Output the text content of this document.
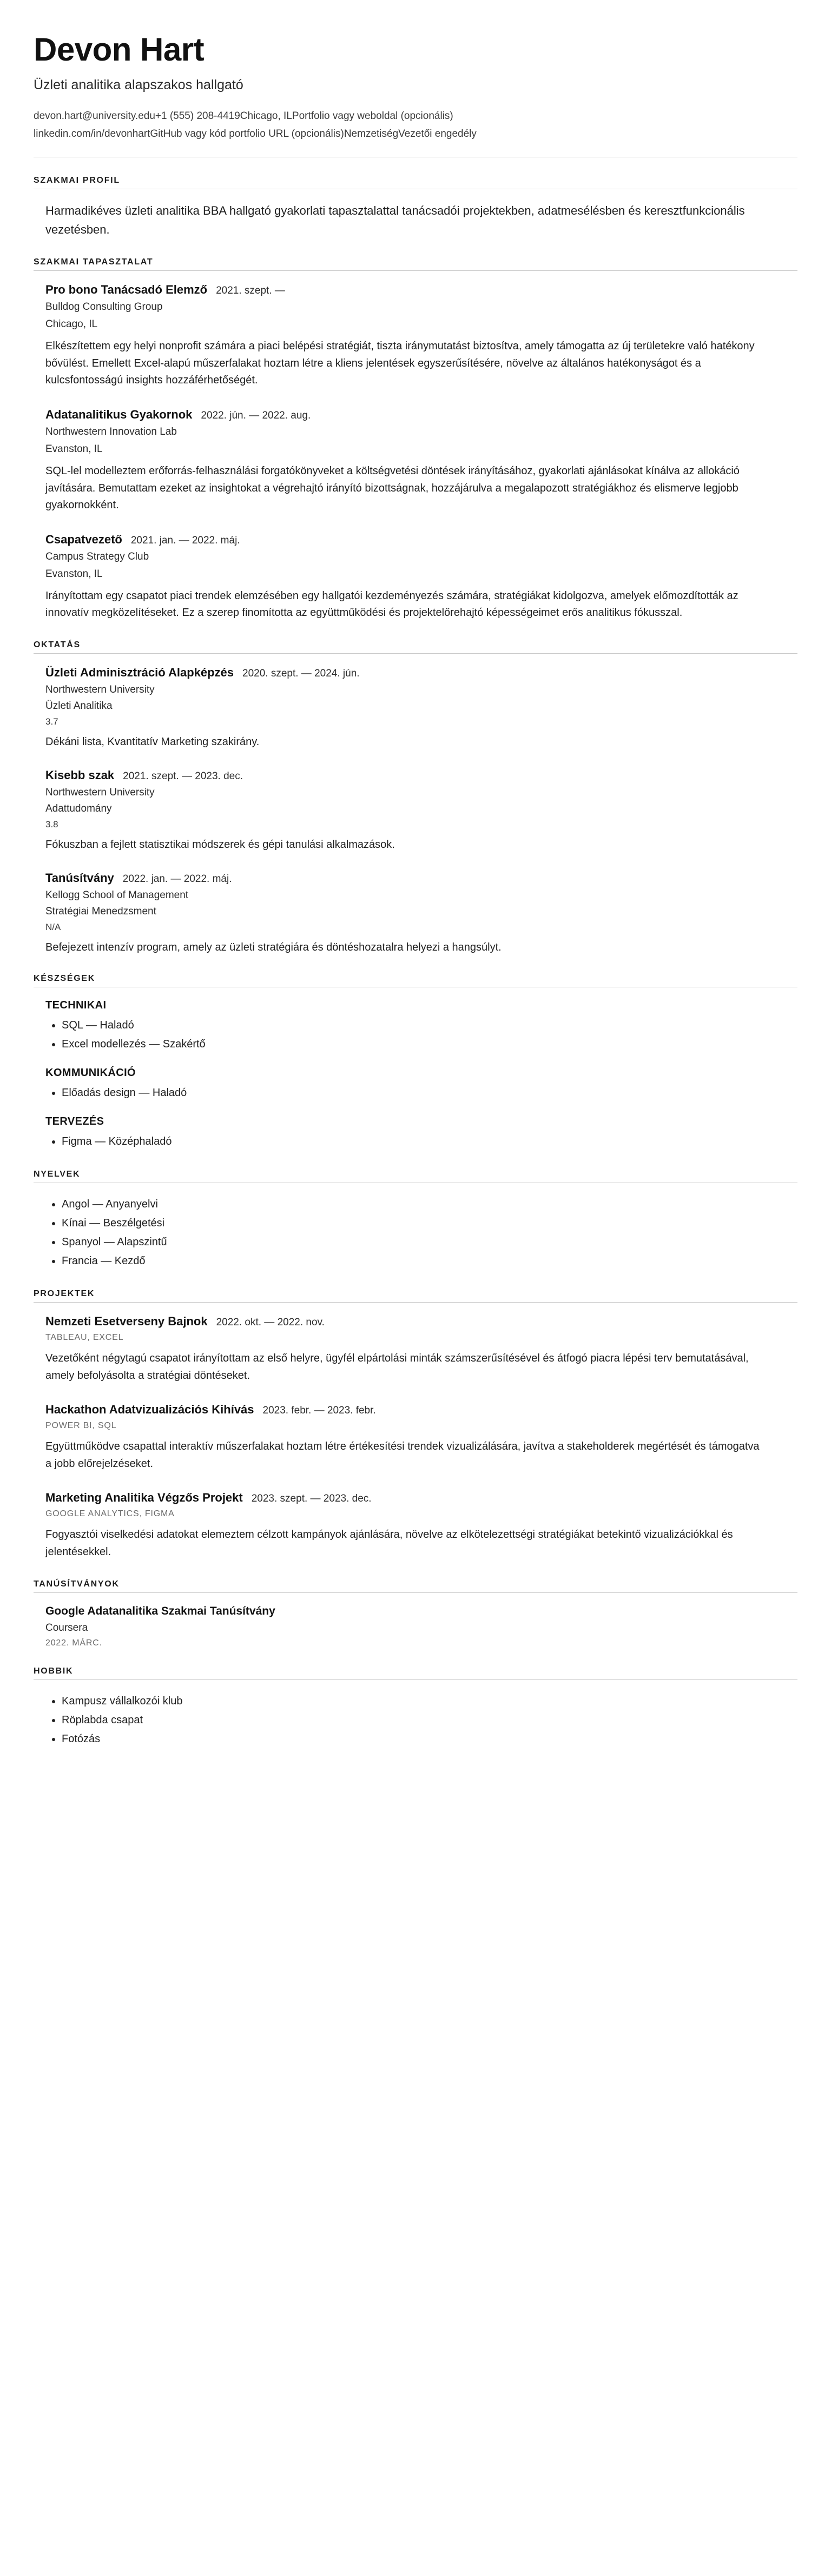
Devon Hart

Üzleti analitika alapszakos hallgató

devon.hart@university.edu+1 (555) 208-4419Chicago, ILPortfolio vagy weboldal (opcionális)

linkedin.com/in/devonhartGitHub vagy kód portfolio URL (opcionális)NemzetiségVezetői engedély

SZAKMAI PROFIL

Harmadikéves üzleti analitika BBA hallgató gyakorlati tapasztalattal tanácsadói projektekben, adatmesélésben és keresztfunkcionális vezetésben.

SZAKMAI TAPASZTALAT
Pro bono Tanácsadó Elemző 2021. szept. —

Bulldog Consulting Group

Chicago, IL

Elkészítettem egy helyi nonprofit számára a piaci belépési stratégiát, tiszta iránymutatást biztosítva, amely támogatta az új területekre való hatékony bővülést. Emellett Excel-alapú műszerfalakat hoztam létre a kliens jelentések egyszerűsítésére, növelve az általános hatékonyságot és a kulcsfontosságú insights hozzáférhetőségét.

Adatanalitikus Gyakornok 2022. jún. — 2022. aug.

Northwestern Innovation Lab

Evanston, IL

SQL-lel modelleztem erőforrás-felhasználási forgatókönyveket a költségvetési döntések irányításához, gyakorlati ajánlásokat kínálva az allokáció javítására. Bemutattam ezeket az insightokat a végrehajtó irányító bizottságnak, hozzájárulva a megalapozott stratégiákhoz és elismerve legjobb gyakornokként.

Csapatvezető 2021. jan. — 2022. máj.

Campus Strategy Club

Evanston, IL

Irányítottam egy csapatot piaci trendek elemzésében egy hallgatói kezdeményezés számára, stratégiákat kidolgozva, amelyek előmozdították az innovatív megközelítéseket. Ez a szerep finomította az együttműködési és projektelőrehajtó képességeimet erős analitikus fókusszal.

OKTATÁS
Üzleti Adminisztráció Alapképzés 2020. szept. — 2024. jún.

Northwestern University

Üzleti Analitika

3.7

Dékáni lista, Kvantitatív Marketing szakirány.

Kisebb szak 2021. szept. — 2023. dec.

Northwestern University

Adattudomány

3.8

Fókuszban a fejlett statisztikai módszerek és gépi tanulási alkalmazások.

Tanúsítvány 2022. jan. — 2022. máj.

Kellogg School of Management

Stratégiai Menedzsment

N/A

Befejezett intenzív program, amely az üzleti stratégiára és döntéshozatalra helyezi a hangsúlyt.

KÉSZSÉGEK

TECHNIKAI

• SQL — Haladó
• Excel modellezés — Szakértő

KOMMUNIKÁCIÓ

• Előadás design — Haladó

TERVEZÉS

• Figma — Középhaladó
NYELVEK
• Angol — Anyanyelvi
• Kínai — Beszélgetési
• Spanyol — Alapszintű
• Francia — Kezdő
PROJEKTEK
Nemzeti Esetverseny Bajnok 2022. okt. — 2022. nov.

TABLEAU, EXCEL

Vezetőként négytagú csapatot irányítottam az első helyre, ügyfél elpártolási minták számszerűsítésével és átfogó piacra lépési terv bemutatásával, amely befolyásolta a stratégiai döntéseket.

Hackathon Adatvizualizációs Kihívás 2023. febr. — 2023. febr.

POWER BI, SQL

Együttműködve csapattal interaktív műszerfalakat hoztam létre értékesítési trendek vizualizálására, javítva a stakeholderek megértését és támogatva a jobb előrejelzéseket.

Marketing Analitika Végzős Projekt 2023. szept. — 2023. dec.

GOOGLE ANALYTICS, FIGMA

Fogyasztói viselkedési adatokat elemeztem célzott kampányok ajánlására, növelve az elkötelezettségi stratégiákat betekintő vizualizációkkal és jelentésekkel.

TANÚSÍTVÁNYOK

Google Adatanalitika Szakmai Tanúsítvány

Coursera

2022. MÁRC.

HOBBIK
• Kampusz vállalkozói klub
• Röplabda csapat
• Fotózás
